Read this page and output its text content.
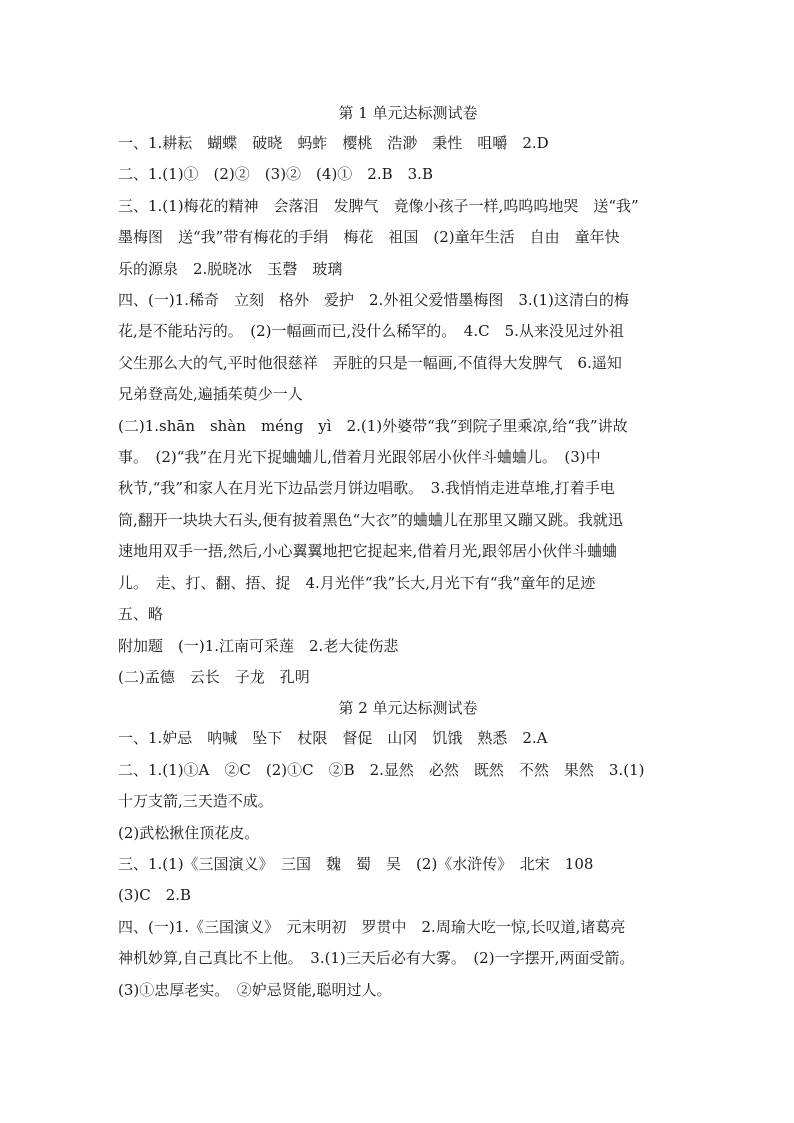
第 1 单元达标测试卷
一、1.耕耘　蝴蝶　破晓　蚂蚱　樱桃　浩渺　秉性　咀嚼　2.D
二、1.(1)①　(2)②　(3)②　(4)①　2.B　3.B
三、1.(1)梅花的精神　会落泪　发脾气　竟像小孩子一样,呜呜呜地哭　送“我”
墨梅图　送“我”带有梅花的手绢　梅花　祖国　(2)童年生活　自由　童年快
乐的源泉　2.脱晓冰　玉磬　玻璃
四、(一)1.稀奇　立刻　格外　爱护　2.外祖父爱惜墨梅图　3.(1)这清白的梅
花,是不能玷污的。　(2)一幅画而已,没什么稀罕的。　4.C　5.从来没见过外祖
父生那么大的气,平时他很慈祥　弄脏的只是一幅画,不值得大发脾气　6.遥知
兄弟登高处,遍插茱萸少一人
(二)1.shān　shàn　méng　yì　2.(1)外婆带“我”到院子里乘凉,给“我”讲故
事。　(2)“我”在月光下捉蛐蛐儿,借着月光跟邻居小伙伴斗蛐蛐儿。　(3)中
秋节,“我”和家人在月光下边品尝月饼边唱歌。　3.我悄悄走进草堆,打着手电
筒,翻开一块块大石头,便有披着黑色“大衣”的蛐蛐儿在那里又蹦又跳。我就迅
速地用双手一捂,然后,小心翼翼地把它捉起来,借着月光,跟邻居小伙伴斗蛐蛐
儿。　走、打、翻、捂、捉　4.月光伴“我”长大,月光下有“我”童年的足迹
五、略
附加题　(一)1.江南可采莲　2.老大徒伤悲
(二)孟德　云长　子龙　孔明
第 2 单元达标测试卷
一、1.妒忌　呐喊　坠下　杖限　督促　山冈　饥饿　熟悉　2.A
二、1.(1)①A　②C　(2)①C　②B　2.显然　必然　既然　不然　果然　3.(1)
十万支箭,三天造不成。
(2)武松揪住顶花皮。
三、1.(1)《三国演义》　三国　魏　蜀　吴　(2)《水浒传》　北宋　108
(3)C　2.B
四、(一)1.《三国演义》　元末明初　罗贯中　2.周瑜大吃一惊,长叹道,诸葛亮
神机妙算,自己真比不上他。　3.(1)三天后必有大雾。　(2)一字摆开,两面受箭。
(3)①忠厚老实。　②妒忌贤能,聪明过人。
